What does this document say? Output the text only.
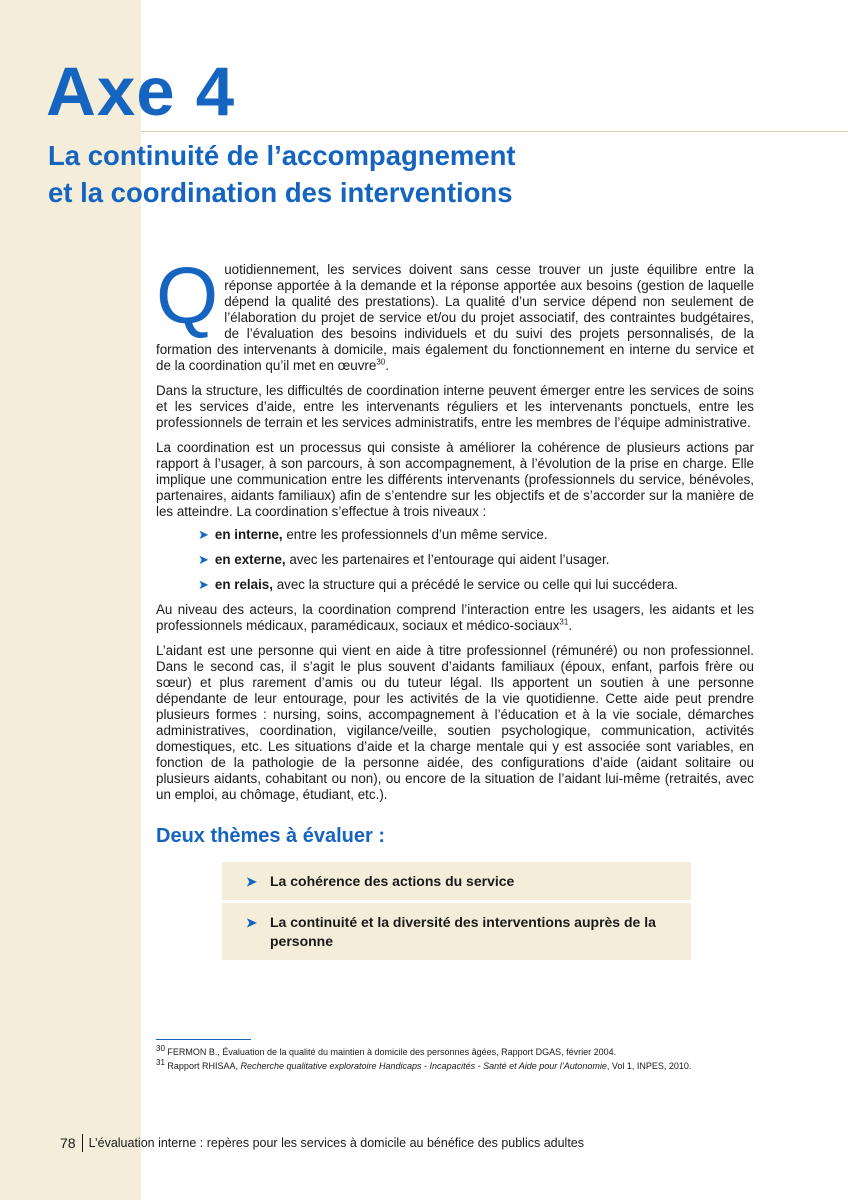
Axe 4
La continuité de l’accompagnement
et la coordination des interventions

Quotidiennement, les services doivent sans cesse trouver un juste équilibre entre la réponse apportée à la demande et la réponse apportée aux besoins (gestion de laquelle dépend la qualité des prestations). La qualité d’un service dépend non seulement de l’élaboration du projet de service et/ou du projet associatif, des contraintes budgétaires, de l’évaluation des besoins individuels et du suivi des projets personnalisés, de la formation des intervenants à domicile, mais également du fonctionnement en interne du service et de la coordination qu’il met en œuvre$^{30}$.

Dans la structure, les difficultés de coordination interne peuvent émerger entre les services de soins et les services d’aide, entre les intervenants réguliers et les intervenants ponctuels, entre les professionnels de terrain et les services administratifs, entre les membres de l’équipe administrative.

La coordination est un processus qui consiste à améliorer la cohérence de plusieurs actions par rapport à l’usager, à son parcours, à son accompagnement, à l’évolution de la prise en charge. Elle implique une communication entre les différents intervenants (professionnels du service, bénévoles, partenaires, aidants familiaux) afin de s’entendre sur les objectifs et de s’accorder sur la manière de les atteindre. La coordination s’effectue à trois niveaux :

➤ en interne, entre les professionnels d’un même service.
➤ en externe, avec les partenaires et l’entourage qui aident l’usager.
➤ en relais, avec la structure qui a précédé le service ou celle qui lui succédera.

Au niveau des acteurs, la coordination comprend l’interaction entre les usagers, les aidants et les professionnels médicaux, paramédicaux, sociaux et médico-sociaux$^{31}$.

L’aidant est une personne qui vient en aide à titre professionnel (rémunéré) ou non professionnel. Dans le second cas, il s’agit le plus souvent d’aidants familiaux (époux, enfant, parfois frère ou sœur) et plus rarement d’amis ou du tuteur légal. Ils apportent un soutien à une personne dépendante de leur entourage, pour les activités de la vie quotidienne. Cette aide peut prendre plusieurs formes : nursing, soins, accompagnement à l’éducation et à la vie sociale, démarches administratives, coordination, vigilance/veille, soutien psychologique, communication, activités domestiques, etc. Les situations d’aide et la charge mentale qui y est associée sont variables, en fonction de la pathologie de la personne aidée, des configurations d’aide (aidant solitaire ou plusieurs aidants, cohabitant ou non), ou encore de la situation de l’aidant lui-même (retraités, avec un emploi, au chômage, étudiant, etc.).

Deux thèmes à évaluer :
➤ La cohérence des actions du service
➤ La continuité et la diversité des interventions auprès de la personne

$^{30}$ FERMON B., Évaluation de la qualité du maintien à domicile des personnes âgées, Rapport DGAS, février 2004.

$^{31}$ Rapport RHISAA, Recherche qualitative exploratoire Handicaps - Incapacités - Santé et Aide pour l’Autonomie, Vol 1, INPES, 2010.

78	L’évaluation interne : repères pour les services à domicile au bénéfice des publics adultes
